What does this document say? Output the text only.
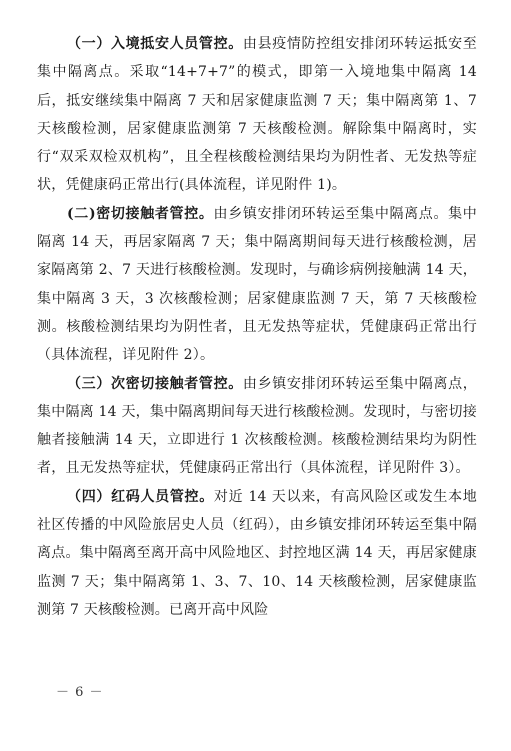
（一）入境抵安人员管控。由县疫情防控组安排闭环转运抵安至集中隔离点。采取“14+7+7”的模式，即第一入境地集中隔离 14 后，抵安继续集中隔离 7 天和居家健康监测 7 天；集中隔离第 1、7 天核酸检测，居家健康监测第 7 天核酸检测。解除集中隔离时，实行“双采双检双机构”，且全程核酸检测结果均为阴性者、无发热等症状，凭健康码正常出行(具体流程，详见附件 1)。

(二)密切接触者管控。由乡镇安排闭环转运至集中隔离点。集中隔离 14 天，再居家隔离 7 天；集中隔离期间每天进行核酸检测，居家隔离第 2、7 天进行核酸检测。发现时，与确诊病例接触满 14 天，集中隔离 3 天，3 次核酸检测；居家健康监测 7 天，第 7 天核酸检测。核酸检测结果均为阴性者，且无发热等症状，凭健康码正常出行（具体流程，详见附件 2）。

（三）次密切接触者管控。由乡镇安排闭环转运至集中隔离点，集中隔离 14 天，集中隔离期间每天进行核酸检测。发现时，与密切接触者接触满 14 天，立即进行 1 次核酸检测。核酸检测结果均为阴性者，且无发热等症状，凭健康码正常出行（具体流程，详见附件 3）。

（四）红码人员管控。对近 14 天以来，有高风险区或发生本地社区传播的中风险旅居史人员（红码），由乡镇安排闭环转运至集中隔离点。集中隔离至离开高中风险地区、封控地区满 14 天，再居家健康监测 7 天；集中隔离第 1、3、7、10、14 天核酸检测，居家健康监测第 7 天核酸检测。已离开高中风险

－ 6 －
